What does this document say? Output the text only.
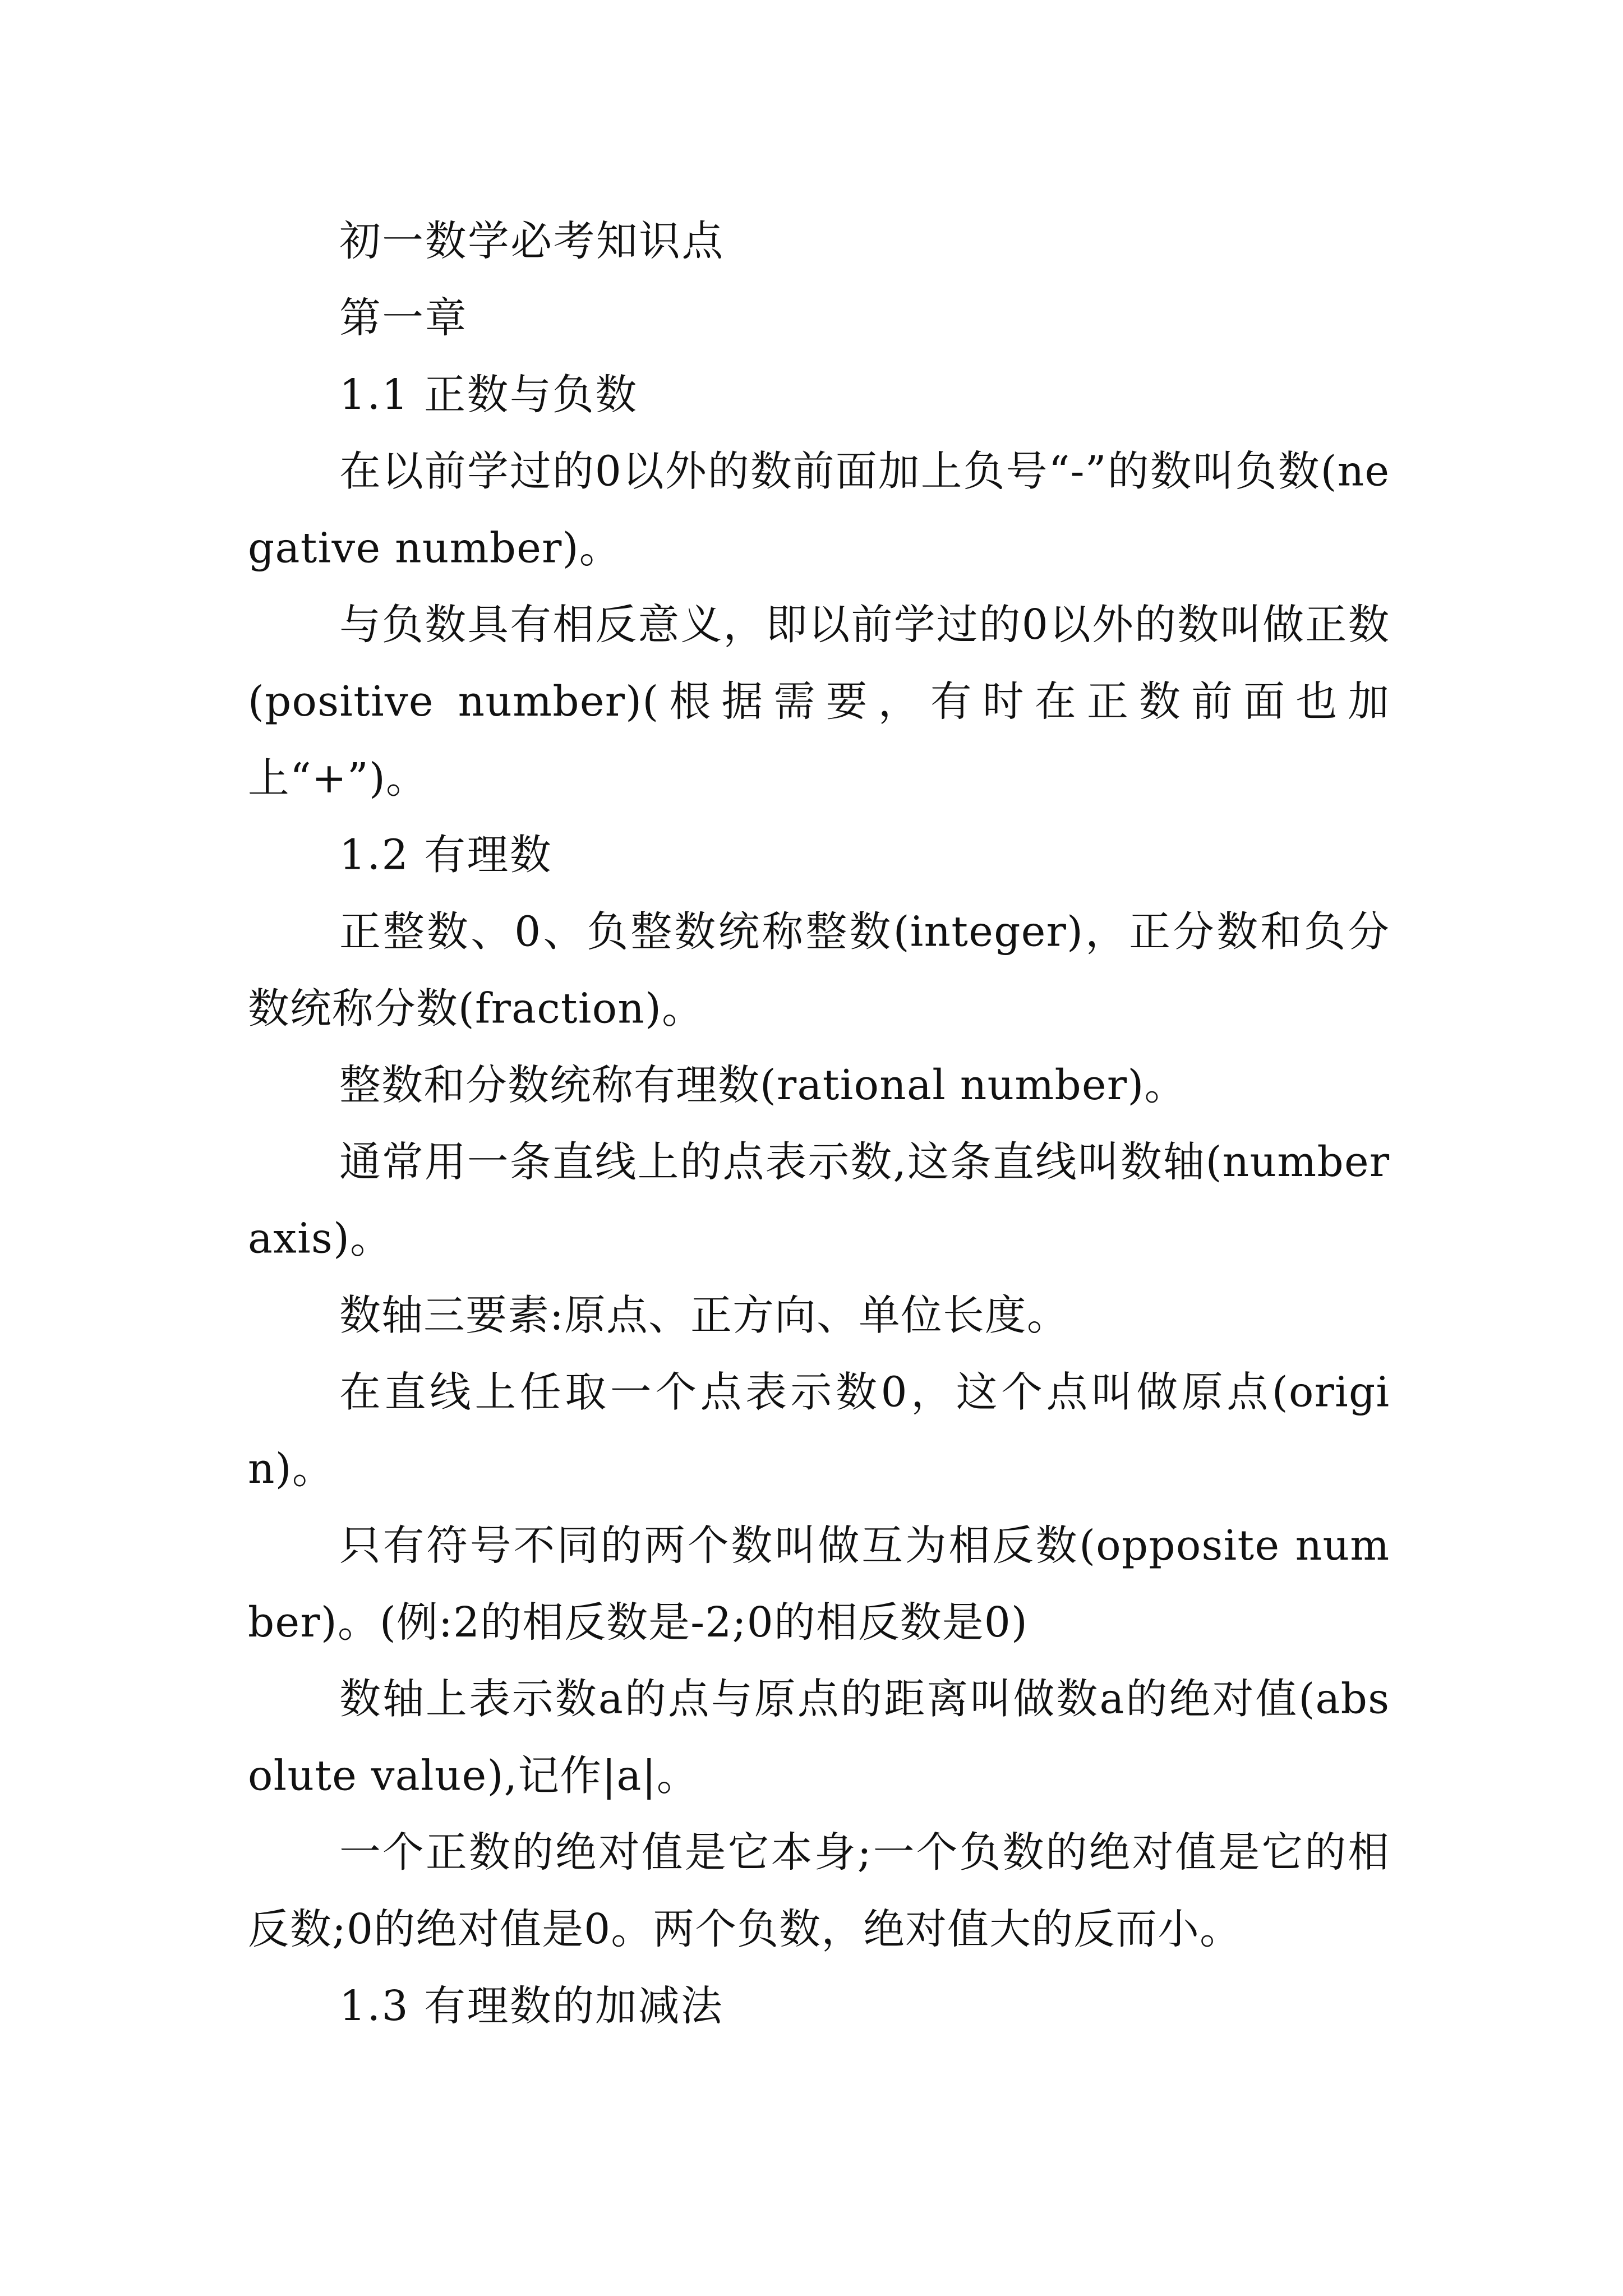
初一数学必考知识点

第一章

1.1 正数与负数

在以前学过的0以外的数前面加上负号“-”的数叫负数(negative number)。

与负数具有相反意义，即以前学过的0以外的数叫做正数(positive number)(根据需要，有时在正数前面也加上“+”)。

1.2 有理数

正整数、0、负整数统称整数(integer)，正分数和负分数统称分数(fraction)。

整数和分数统称有理数(rational number)。

通常用一条直线上的点表示数,这条直线叫数轴(number axis)。

数轴三要素:原点、正方向、单位长度。

在直线上任取一个点表示数0，这个点叫做原点(origin)。

只有符号不同的两个数叫做互为相反数(opposite number)。(例:2的相反数是-2;0的相反数是0)

数轴上表示数a的点与原点的距离叫做数a的绝对值(absolute value),记作|a|。

一个正数的绝对值是它本身;一个负数的绝对值是它的相反数;0的绝对值是0。两个负数，绝对值大的反而小。

1.3 有理数的加减法
